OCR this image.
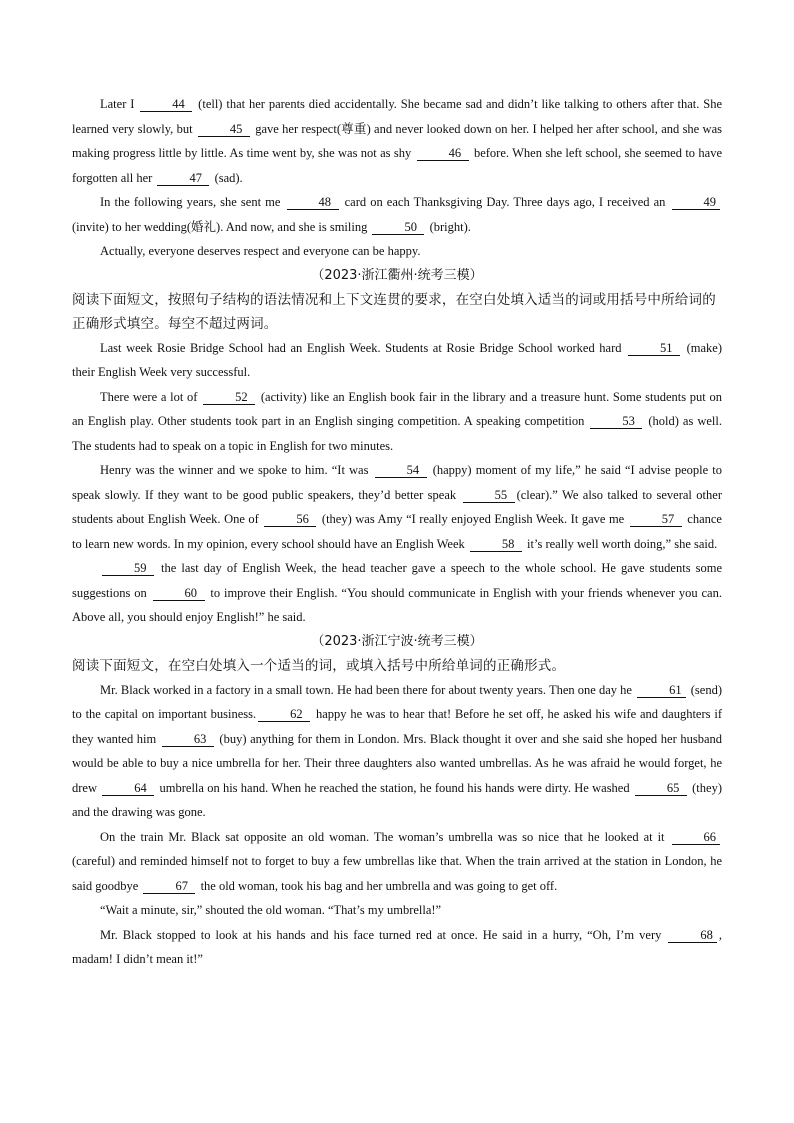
Later I	44 (tell) that her parents died accidentally. She became sad and didn’t like talking to others after that. She learned very slowly, but	45 gave her respect(尊重) and never looked down on her. I helped her after school, and she was making progress little by little. As time went by, she was not as shy	46 before. When she left school, she seemed to have forgotten all her	47 (sad).

In the following years, she sent me	48 card on each Thanksgiving Day. Three days ago, I received an	49 (invite) to her wedding(婚礼). And now, and she is smiling	50 (bright).

Actually, everyone deserves respect and everyone can be happy.

（2023·浙江衢州·统考三模）

阅读下面短文，按照句子结构的语法情况和上下文连贯的要求，在空白处填入适当的词或用括号中所给词的正确形式填空。每空不超过两词。

Last week Rosie Bridge School had an English Week. Students at Rosie Bridge School worked hard	51 (make) their English Week very successful.

There were a lot of	52 (activity) like an English book fair in the library and a treasure hunt. Some students put on an English play. Other students took part in an English singing competition. A speaking competition	53 (hold) as well. The students had to speak on a topic in English for two minutes.

Henry was the winner and we spoke to him. “It was	54 (happy) moment of my life,” he said “I advise people to speak slowly. If they want to be good public speakers, they’d better speak	55 (clear).” We also talked to several other students about English Week. One of	56 (they) was Amy “I really enjoyed English Week. It gave me	57 chance to learn new words. In my opinion, every school should have an English Week	58 it’s really well worth doing,” she said.

59 the last day of English Week, the head teacher gave a speech to the whole school. He gave students some suggestions on	60 to improve their English. “You should communicate in English with your friends whenever you can. Above all, you should enjoy English!” he said.

（2023·浙江宁波·统考三模）

阅读下面短文，在空白处填入一个适当的词，或填入括号中所给单词的正确形式。

Mr. Black worked in a factory in a small town. He had been there for about twenty years. Then one day he	61 (send) to the capital on important business.	62 happy he was to hear that! Before he set off, he asked his wife and daughters if they wanted him	63 (buy) anything for them in London. Mrs. Black thought it over and she said she hoped her husband would be able to buy a nice umbrella for her. Their three daughters also wanted umbrellas. As he was afraid he would forget, he drew	64 umbrella on his hand. When he reached the station, he found his hands were dirty. He washed	65 (they) and the drawing was gone.

On the train Mr. Black sat opposite an old woman. The woman’s umbrella was so nice that he looked at it	66 (careful) and reminded himself not to forget to buy a few umbrellas like that. When the train arrived at the station in London, he said goodbye	67 the old woman, took his bag and her umbrella and was going to get off.

“Wait a minute, sir,” shouted the old woman. “That’s my umbrella!”

Mr. Black stopped to look at his hands and his face turned red at once. He said in a hurry, “Oh, I’m very	68 , madam! I didn’t mean it!”
